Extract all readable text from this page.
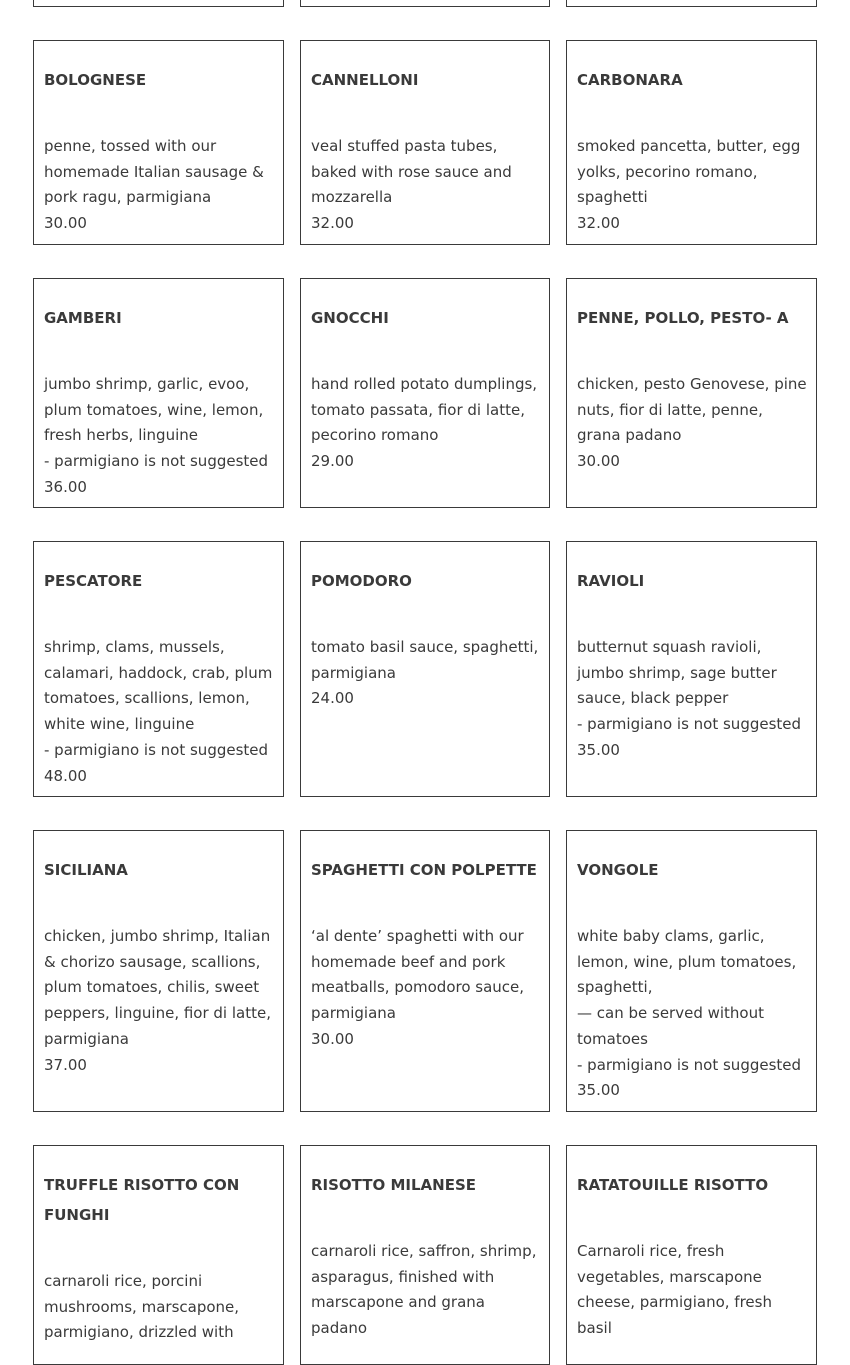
BOLOGNESE

penne, tossed with our

homemade Italian sausage &

pork ragu, parmigiana

30.00

CANNELLONI

veal stuffed pasta tubes,

baked with rose sauce and

mozzarella

32.00

CARBONARA

smoked pancetta, butter, egg

yolks, pecorino romano,

spaghetti

32.00

GAMBERI

jumbo shrimp, garlic, evoo,

plum tomatoes, wine, lemon,

fresh herbs, linguine

- parmigiano is not suggested

36.00

GNOCCHI

hand rolled potato dumplings,

tomato passata, fior di latte,

pecorino romano

29.00

PENNE, POLLO, PESTO- A

chicken, pesto Genovese, pine

nuts, fior di latte, penne,

grana padano

30.00

PESCATORE

shrimp, clams, mussels,

calamari, haddock, crab, plum

tomatoes, scallions, lemon,

white wine, linguine

- parmigiano is not suggested

48.00

POMODORO

tomato basil sauce, spaghetti,

parmigiana

24.00

RAVIOLI

butternut squash ravioli,

jumbo shrimp, sage butter

sauce, black pepper

- parmigiano is not suggested

35.00

SICILIANA

chicken, jumbo shrimp, Italian

& chorizo sausage, scallions,

plum tomatoes, chilis, sweet

peppers, linguine, fior di latte,

parmigiana

37.00

SPAGHETTI CON POLPETTE

‘al dente’ spaghetti with our

homemade beef and pork

meatballs, pomodoro sauce,

parmigiana

30.00

VONGOLE

white baby clams, garlic,

lemon, wine, plum tomatoes,

spaghetti,

— can be served without

tomatoes

- parmigiano is not suggested

35.00

TRUFFLE RISOTTO CON
FUNGHI

carnaroli rice, porcini

mushrooms, marscapone,

parmigiano, drizzled with

RISOTTO MILANESE

carnaroli rice, saffron, shrimp,

asparagus, finished with

marscapone and grana

padano

RATATOUILLE RISOTTO

Carnaroli rice, fresh

vegetables, marscapone

cheese, parmigiano, fresh

basil
